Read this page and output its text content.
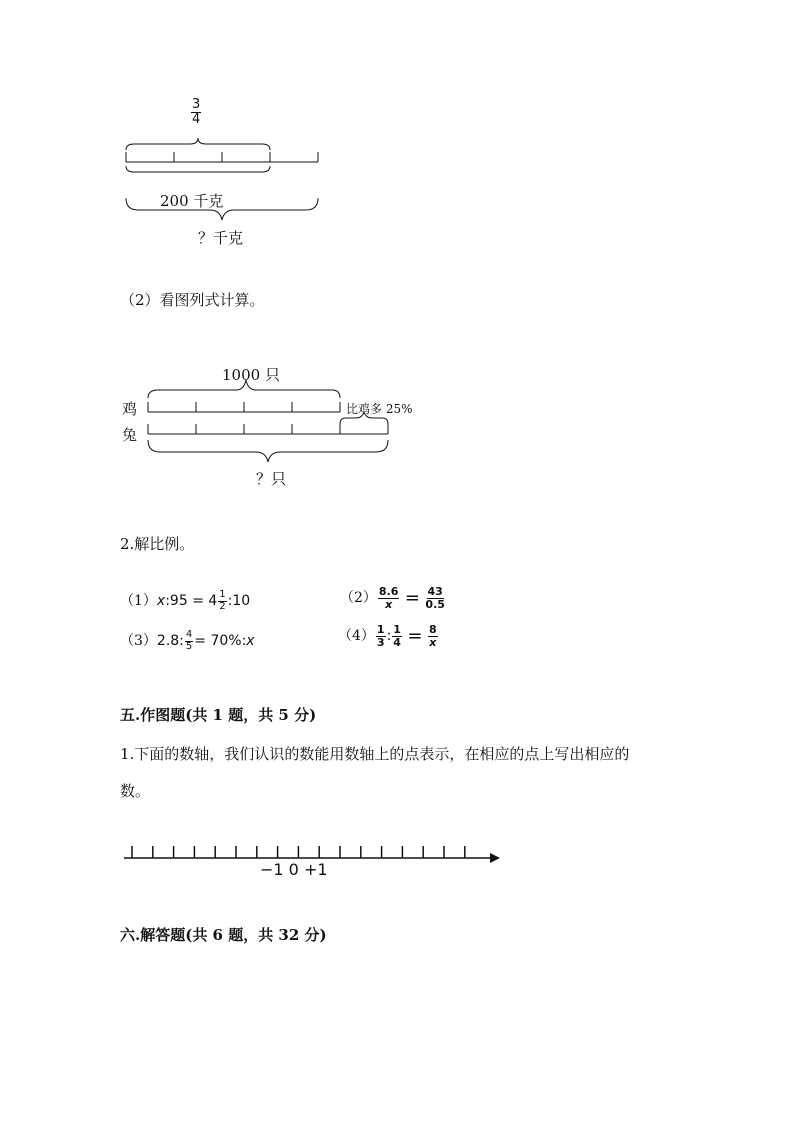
$\frac{3}{4}$
200 千克
？千克
（2）看图列式计算。
1000 只
鸡
兔
比鸡多 25%
？只
2.解比例。
（1）x:95 = $4 \frac{1}{2}$ :10	$(2) \frac{8.6}{x} = \frac{43}{0.5}$
（3）2.8: $\frac{4}{5}$ = 70%:x	$(4) \frac{1}{3}$ : $\frac{1}{4} = \frac{8}{x}$
五.作图题(共 1 题，共 5 分)
1.下面的数轴，我们认识的数能用数轴上的点表示，在相应的点上写出相应的
数。
−1 0 +1
六.解答题(共 6 题，共 32 分)
